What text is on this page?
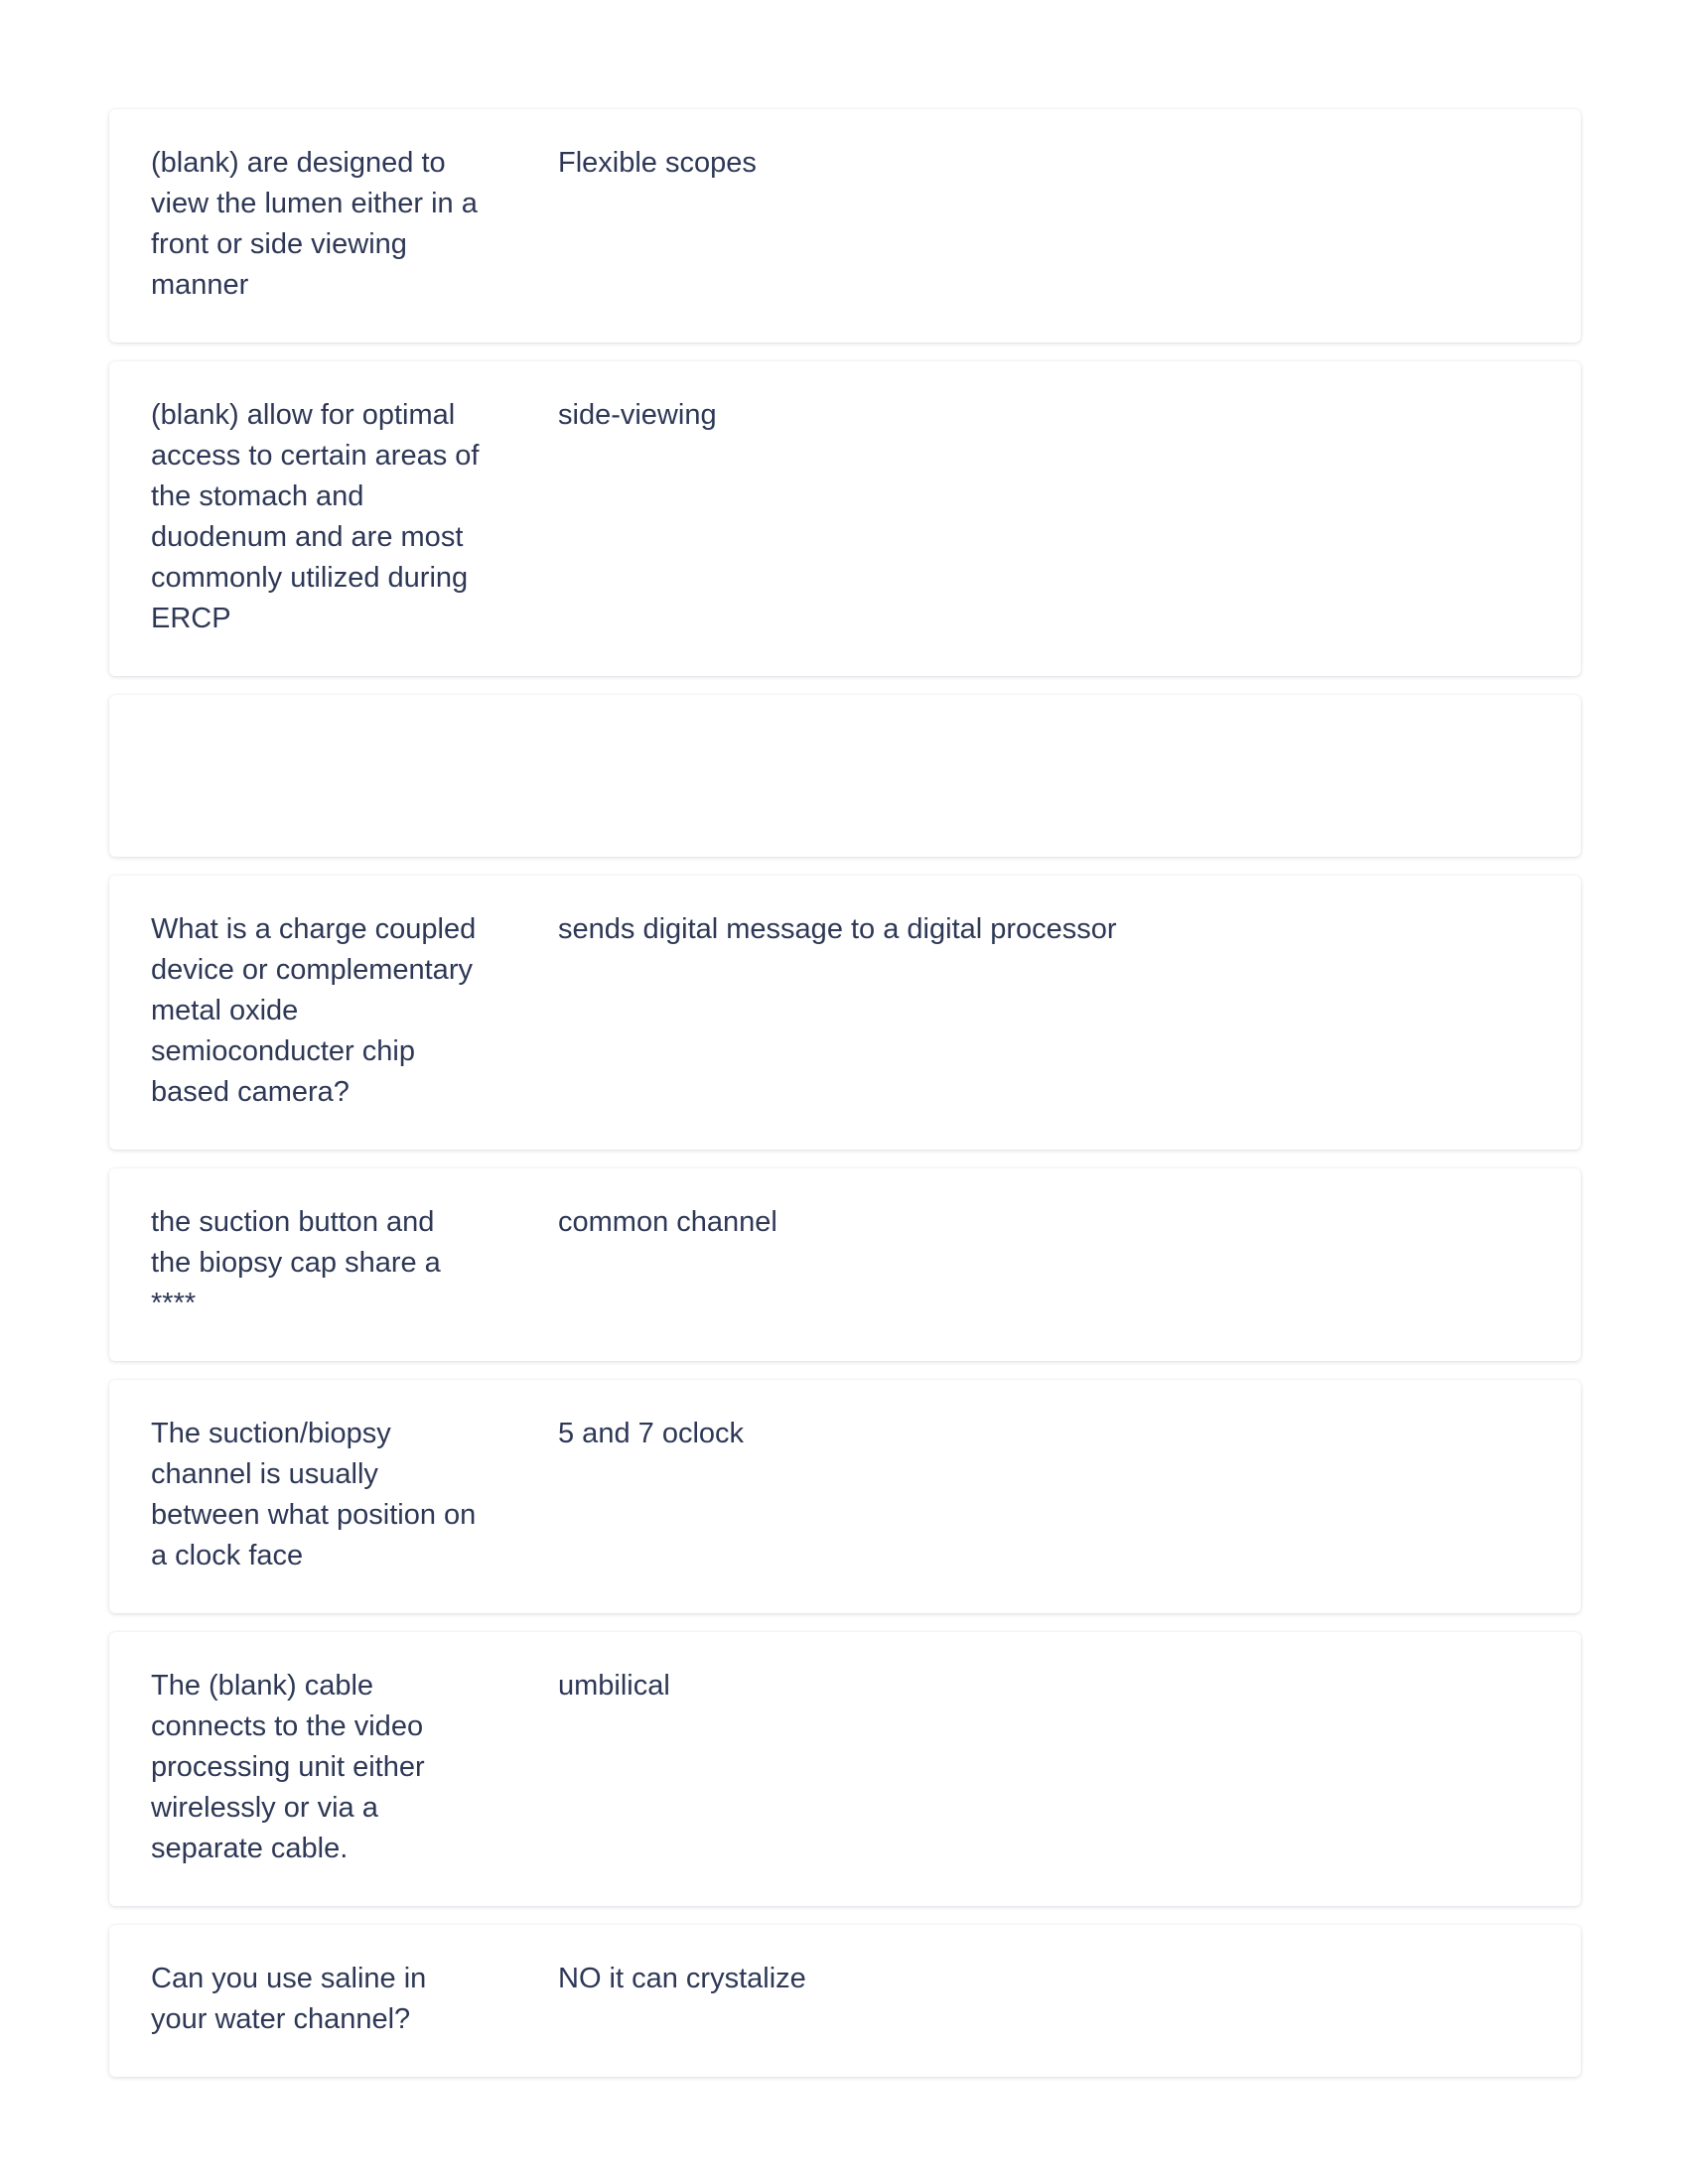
(blank) are designed to view the lumen either in a front or side viewing manner
Flexible scopes
(blank) allow for optimal access to certain areas of the stomach and duodenum and are most commonly utilized during ERCP
side-viewing
What is a charge coupled device or complementary metal oxide semioconducter chip based camera?
sends digital message to a digital processor
the suction button and the biopsy cap share a ****
common channel
The suction/biopsy channel is usually between what position on a clock face
5 and 7 oclock
The (blank) cable connects to the video processing unit either wirelessly or via a separate cable.
umbilical
Can you use saline in your water channel?
NO it can crystalize
